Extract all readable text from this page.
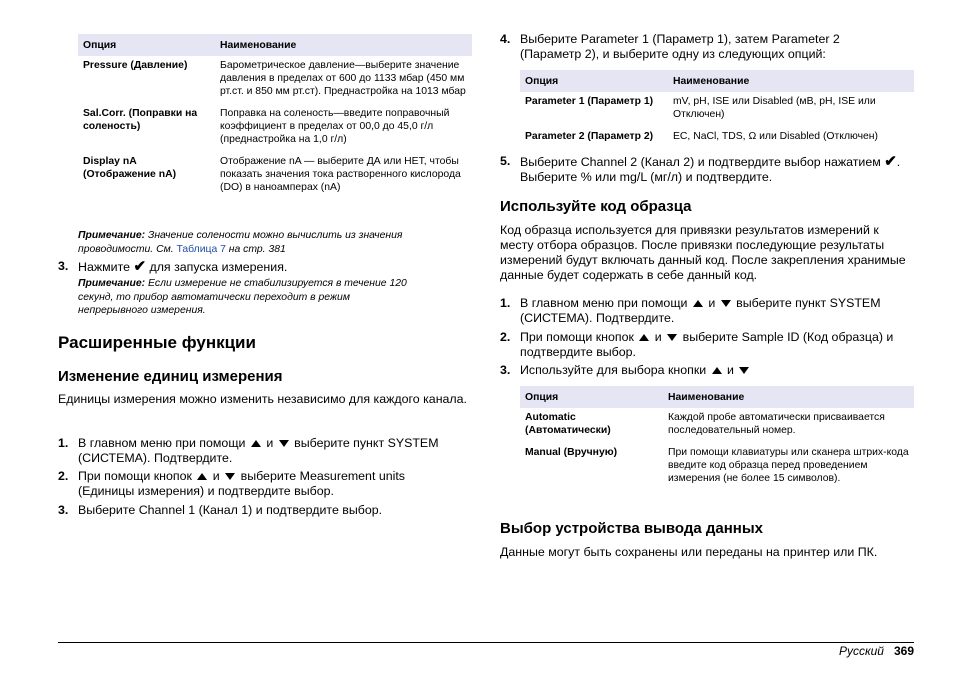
Опция	Наименование
Pressure (Давление)	Барометрическое давление—выберите значение давления в пределах от 600 до 1133 мбар (450 мм рт.ст. и 850 мм рт.ст). Преднастройка на 1013 мбар
Sal.Corr. (Поправки на соленость)	Поправка на соленость—введите поправочный коэффициент в пределах от 00,0 до 45,0 г/л (преднастройка на 1,0 г/л)
Display nA (Отображение nA)	Отображение nA — выберите ДА или НЕТ, чтобы показать значения тока растворенного кислорода (DO) в наноамперах (nA)
Примечание: Значение солености можно вычислить из значения проводимости. См. Таблица 7 на стр. 381
3. Нажмите ✔ для запуска измерения.
Примечание: Если измерение не стабилизируется в течение 120 секунд, то прибор автоматически переходит в режим непрерывного измерения.
Расширенные функции
Изменение единиц измерения
Единицы измерения можно изменить независимо для каждого канала.
1. В главном меню при помощи  и  выберите пункт SYSTEM (СИСТЕМА). Подтвердите.
2. При помощи кнопок  и  выберите Measurement units (Единицы измерения) и подтвердите выбор.
3. Выберите Channel 1 (Канал 1) и подтвердите выбор.
4. Выберите Parameter 1 (Параметр 1), затем Parameter 2 (Параметр 2), и выберите одну из следующих опций:
Опция	Наименование
Parameter 1 (Параметр 1)	mV, pH, ISE или Disabled (мВ, pH, ISE или Отключен)
Parameter 2 (Параметр 2)	EC, NaCl, TDS, Ω или Disabled (Отключен)
5. Выберите Channel 2 (Канал 2) и подтвердите выбор нажатием ✔. Выберите % или mg/L (мг/л) и подтвердите.
Используйте код образца
Код образца используется для привязки результатов измерений к месту отбора образцов. После привязки последующие результаты измерений будут включать данный код. После закрепления хранимые данные будет содержать в себе данный код.
1. В главном меню при помощи  и  выберите пункт SYSTEM (СИСТЕМА). Подтвердите.
2. При помощи кнопок  и  выберите Sample ID (Код образца) и подтвердите выбор.
3. Используйте для выбора кнопки  и
Опция	Наименование
Automatic (Автоматически)	Каждой пробе автоматически присваивается последовательный номер.
Manual (Вручную)	При помощи клавиатуры или сканера штрих-кода введите код образца перед проведением измерения (не более 15 символов).
Выбор устройства вывода данных
Данные могут быть сохранены или переданы на принтер или ПК.
Русский 369
